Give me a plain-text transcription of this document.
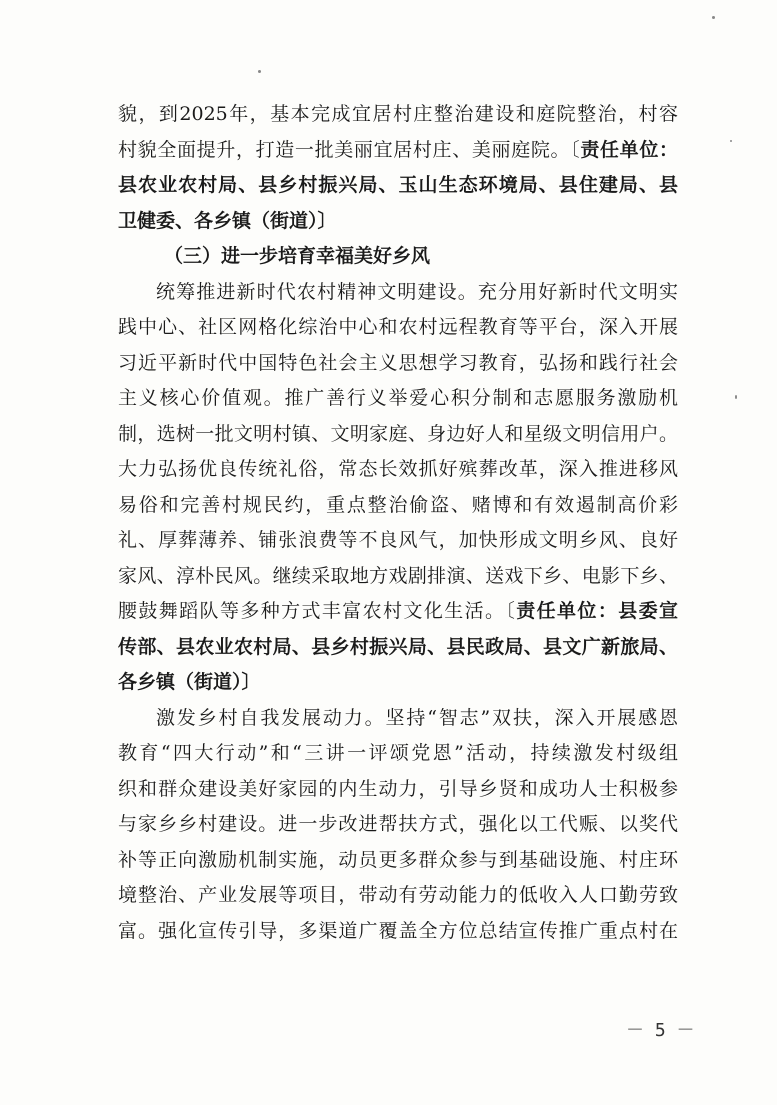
貌，到2025年，基本完成宜居村庄整治建设和庭院整治，村容
村貌全面提升，打造一批美丽宜居村庄、美丽庭院。〔责任单位：
县农业农村局、县乡村振兴局、玉山生态环境局、县住建局、县
卫健委、各乡镇（街道）〕
（三）进一步培育幸福美好乡风
统筹推进新时代农村精神文明建设。充分用好新时代文明实
践中心、社区网格化综治中心和农村远程教育等平台，深入开展
习近平新时代中国特色社会主义思想学习教育，弘扬和践行社会
主义核心价值观。推广善行义举爱心积分制和志愿服务激励机
制，选树一批文明村镇、文明家庭、身边好人和星级文明信用户。
大力弘扬优良传统礼俗，常态长效抓好殡葬改革，深入推进移风
易俗和完善村规民约，重点整治偷盗、赌博和有效遏制高价彩
礼、厚葬薄养、铺张浪费等不良风气，加快形成文明乡风、良好
家风、淳朴民风。继续采取地方戏剧排演、送戏下乡、电影下乡、
腰鼓舞蹈队等多种方式丰富农村文化生活。〔责任单位：县委宣
传部、县农业农村局、县乡村振兴局、县民政局、县文广新旅局、
各乡镇（街道）〕
激发乡村自我发展动力。坚持“智志”双扶，深入开展感恩
教育“四大行动”和“三讲一评颂党恩”活动，持续激发村级组
织和群众建设美好家园的内生动力，引导乡贤和成功人士积极参
与家乡乡村建设。进一步改进帮扶方式，强化以工代赈、以奖代
补等正向激励机制实施，动员更多群众参与到基础设施、村庄环
境整治、产业发展等项目，带动有劳动能力的低收入人口勤劳致
富。强化宣传引导，多渠道广覆盖全方位总结宣传推广重点村在
－ 5 －
